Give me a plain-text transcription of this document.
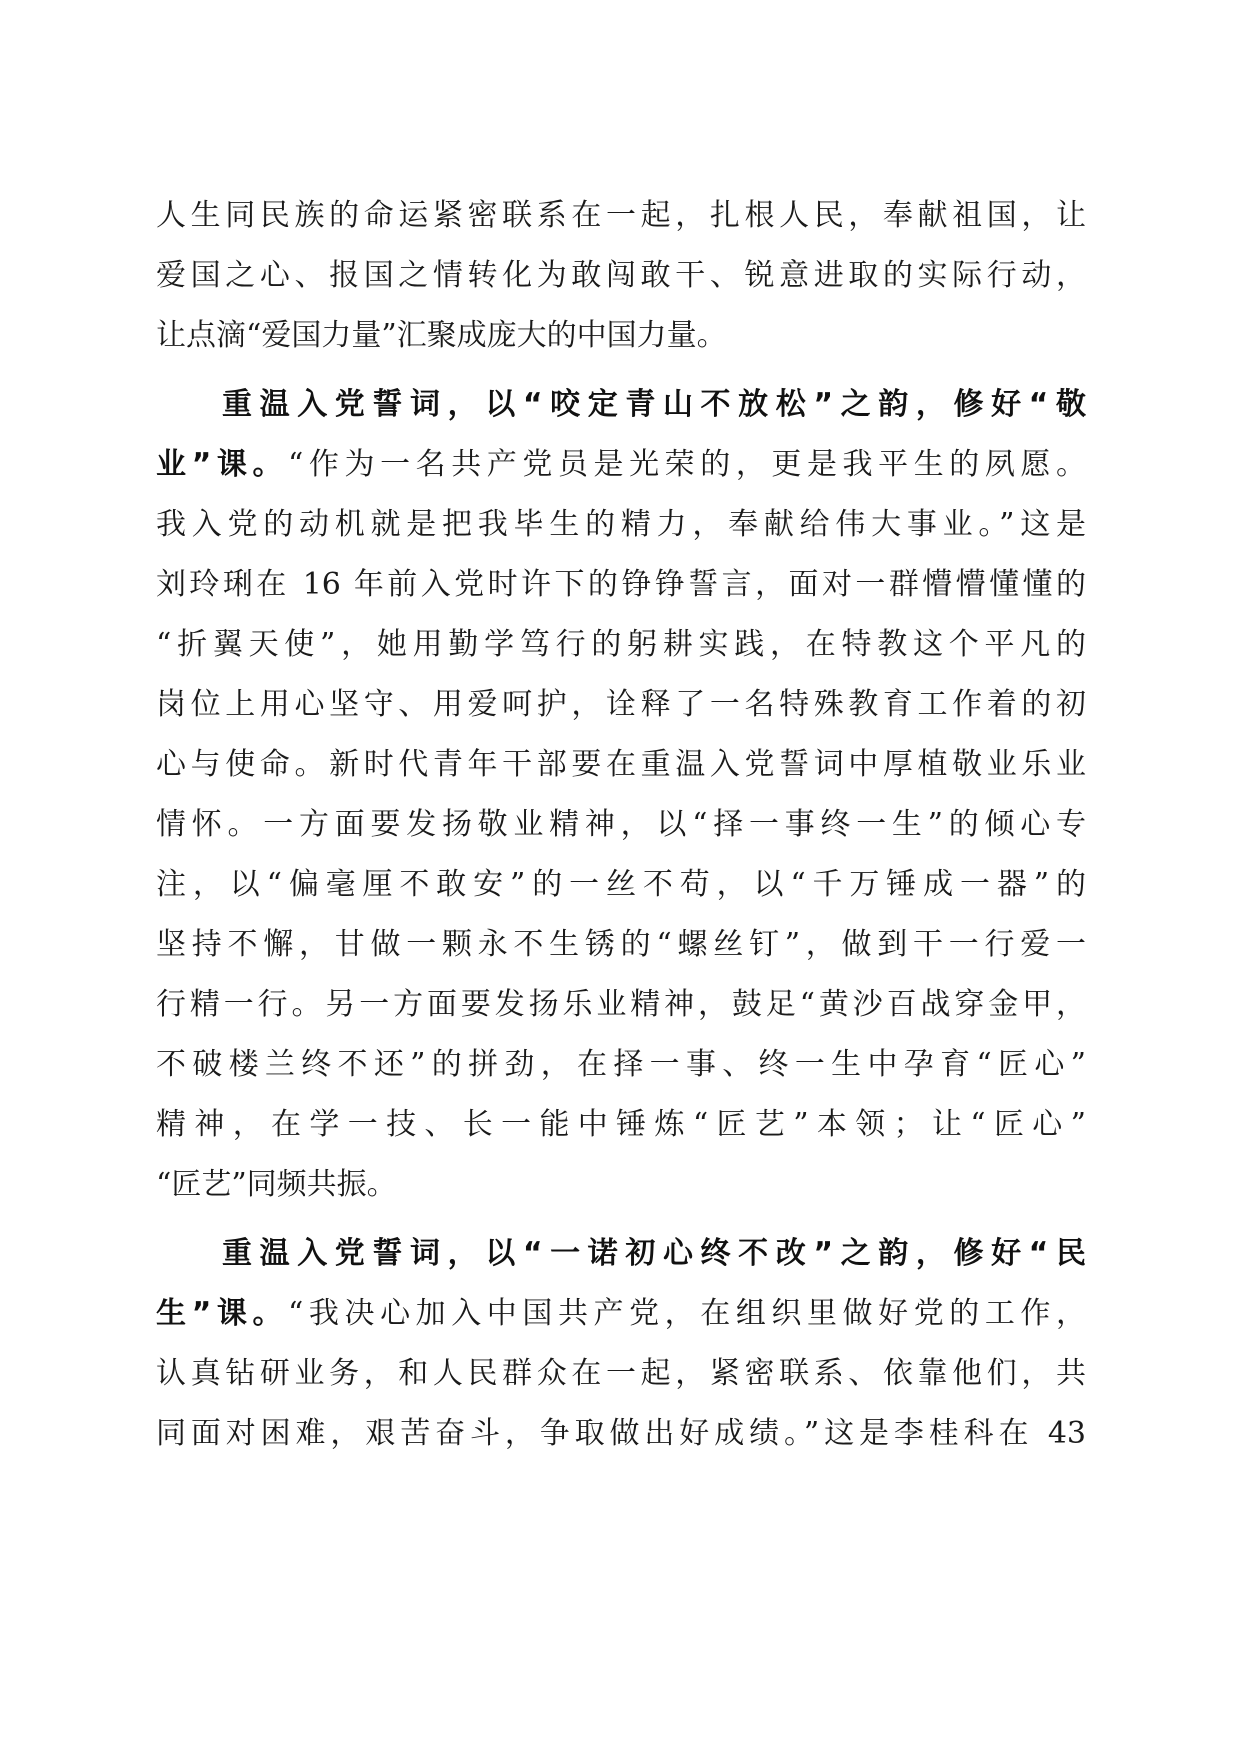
人生同民族的命运紧密联系在一起，扎根人民，奉献祖国，让
爱国之心、报国之情转化为敢闯敢干、锐意进取的实际行动，
让点滴“爱国力量”汇聚成庞大的中国力量。
重温入党誓词，以“咬定青山不放松”之韵，修好“敬
业”课。“作为一名共产党员是光荣的，更是我平生的夙愿。
我入党的动机就是把我毕生的精力，奉献给伟大事业。”这是
刘玲琍在 16 年前入党时许下的铮铮誓言，面对一群懵懵懂懂的
“折翼天使”，她用勤学笃行的躬耕实践，在特教这个平凡的
岗位上用心坚守、用爱呵护，诠释了一名特殊教育工作着的初
心与使命。新时代青年干部要在重温入党誓词中厚植敬业乐业
情怀。一方面要发扬敬业精神，以“择一事终一生”的倾心专
注，以“偏毫厘不敢安”的一丝不苟，以“千万锤成一器”的
坚持不懈，甘做一颗永不生锈的“螺丝钉”，做到干一行爱一
行精一行。另一方面要发扬乐业精神，鼓足“黄沙百战穿金甲，
不破楼兰终不还”的拼劲，在择一事、终一生中孕育“匠心”
精神，在学一技、长一能中锤炼“匠艺”本领；让“匠心”
“匠艺”同频共振。
重温入党誓词，以“一诺初心终不改”之韵，修好“民
生”课。“我决心加入中国共产党，在组织里做好党的工作，
认真钻研业务，和人民群众在一起，紧密联系、依靠他们，共
同面对困难，艰苦奋斗，争取做出好成绩。”这是李桂科在 43
